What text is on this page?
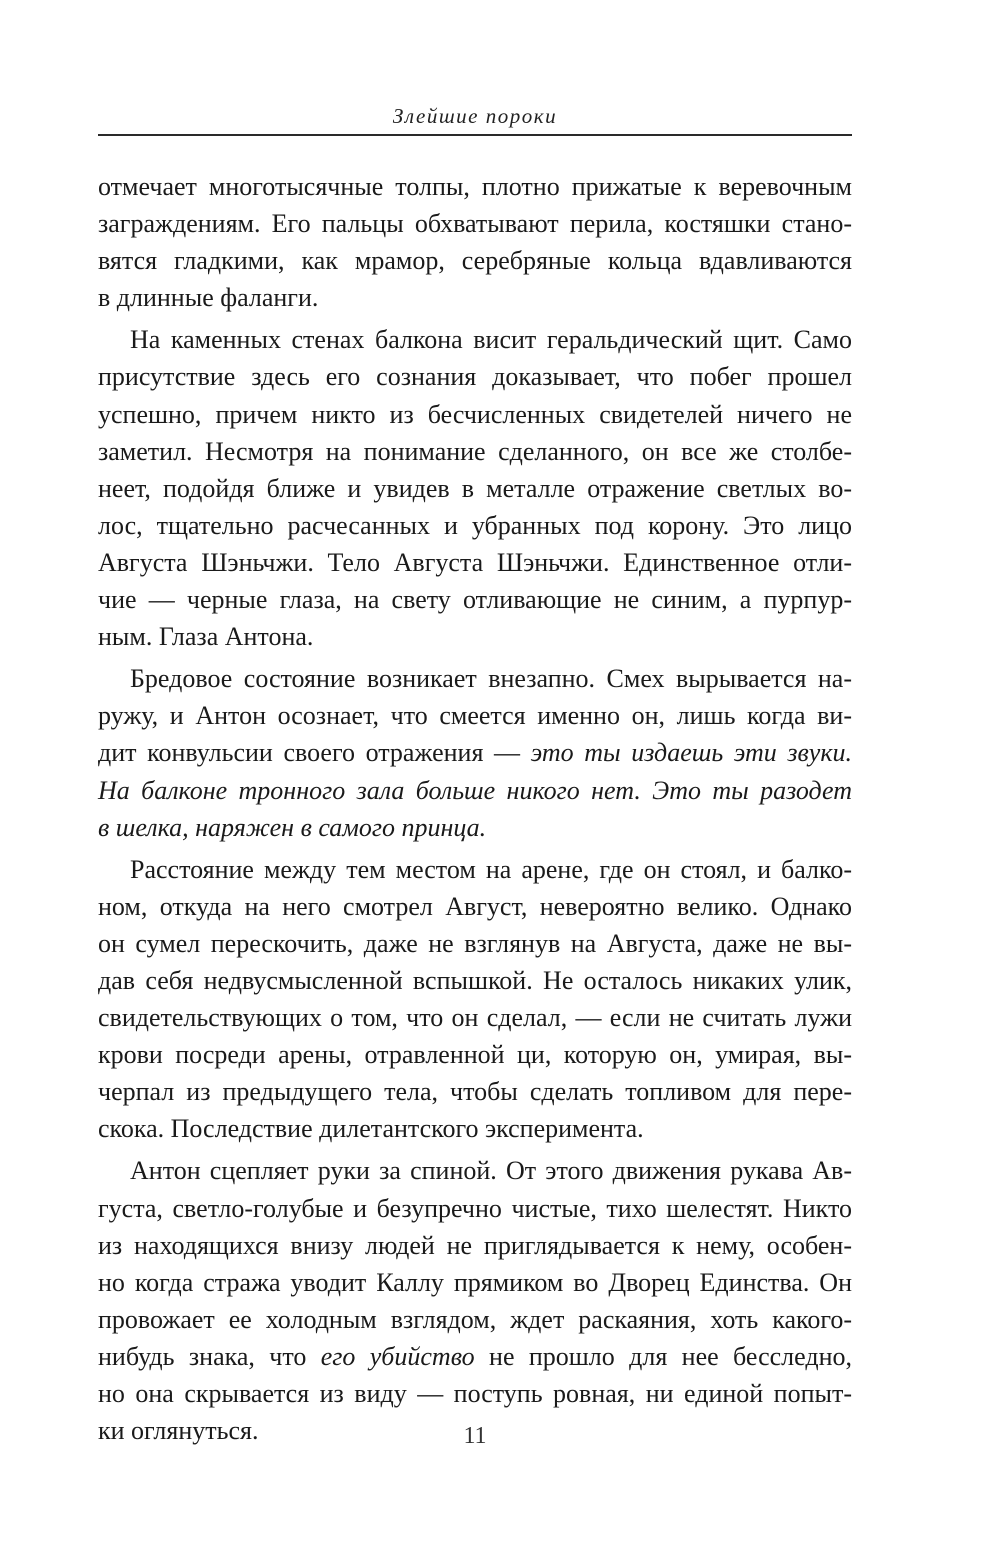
Злейшие пороки
отмечает многотысячные толпы, плотно прижатые к веревочным
заграждениям. Его пальцы обхватывают перила, костяшки стано-
вятся гладкими, как мрамор, серебряные кольца вдавливаются
в длинные фаланги.
На каменных стенах балкона висит геральдический щит. Само
присутствие здесь его сознания доказывает, что побег прошел
успешно, причем никто из бесчисленных свидетелей ничего не
заметил. Несмотря на понимание сделанного, он все же столбе-
неет, подойдя ближе и увидев в металле отражение светлых во-
лос, тщательно расчесанных и убранных под корону. Это лицо
Августа Шэньчжи. Тело Августа Шэньчжи. Единственное отли-
чие — черные глаза, на свету отливающие не синим, а пурпур-
ным. Глаза Антона.
Бредовое состояние возникает внезапно. Смех вырывается на-
ружу, и Антон осознает, что смеется именно он, лишь когда ви-
дит конвульсии своего отражения — это ты издаешь эти звуки.
На балконе тронного зала больше никого нет. Это ты разодет
в шелка, наряжен в самого принца.
Расстояние между тем местом на арене, где он стоял, и балко-
ном, откуда на него смотрел Август, невероятно велико. Однако
он сумел перескочить, даже не взглянув на Августа, даже не вы-
дав себя недвусмысленной вспышкой. Не осталось никаких улик,
свидетельствующих о том, что он сделал, — если не считать лужи
крови посреди арены, отравленной ци, которую он, умирая, вы-
черпал из предыдущего тела, чтобы сделать топливом для пере-
скока. Последствие дилетантского эксперимента.
Антон сцепляет руки за спиной. От этого движения рукава Ав-
густа, светло-голубые и безупречно чистые, тихо шелестят. Никто
из находящихся внизу людей не приглядывается к нему, особен-
но когда стража уводит Каллу прямиком во Дворец Единства. Он
провожает ее холодным взглядом, ждет раскаяния, хоть какого-
нибудь знака, что его убийство не прошло для нее бесследно,
но она скрывается из виду — поступь ровная, ни единой попыт-
ки оглянуться.	11
